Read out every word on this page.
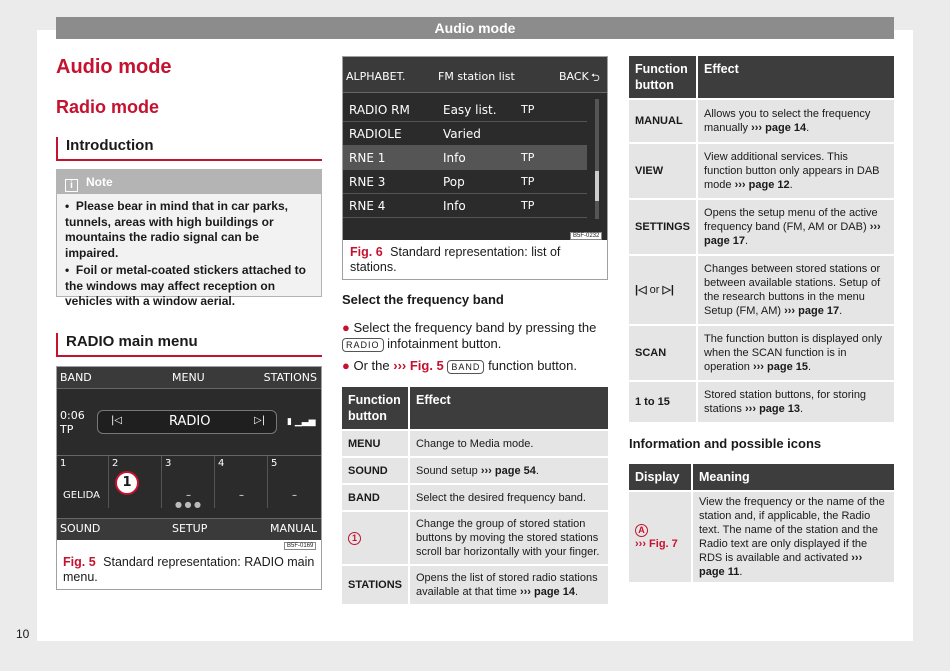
Audio mode
Audio mode
Radio mode
Introduction
i Note
•  Please bear in mind that in car parks, tunnels, areas with high buildings or mountains the radio signal can be impaired.
•  Foil or metal-coated stickers attached to the windows may affect reception on vehicles with a window aerial.
RADIO main menu
BAND	MENU	STATIONS
0:06
TP
|◁	RADIO	▷| ▮ ▁▃▅
1
GELIDA
2	3
–
4
–
5
–
1
● ● ●
SOUND	SETUP	MANUAL
B5F-0169
Fig. 5 Standard representation: RADIO main menu.
ALPHABET.	FM station list	BACK ⮌
RADIO RM	Easy list. TP
RADIOLE	Varied
RNE 1	Info	TP
RNE 3	Pop	TP
RNE 4	Info	TP
B5F-0232
Fig. 6 Standard representation: list of stations.
Select the frequency band
● Select the frequency band by pressing the RADIO infotainment button.
● Or the ››› Fig. 5 BAND function button.
Function button	Effect
MENU	Change to Media mode.
SOUND	Sound setup ››› page 54.
BAND	Select the desired frequency band.
1	Change the group of stored station buttons by moving the stored stations scroll bar horizontally with your finger.
STATIONS	Opens the list of stored radio stations available at that time ››› page 14.
Function button	Effect
MANUAL	Allows you to select the frequency manually ››› page 14.
VIEW	View additional services. This function button only appears in DAB mode ››› page 12.
SETTINGS	Opens the setup menu of the active frequency band (FM, AM or DAB) ››› page 17.
|◁ or ▷|	Changes between stored stations or between available stations. Setup of the research buttons in the menu Setup (FM, AM) ››› page 17.
SCAN	The function button is displayed only when the SCAN function is in operation ››› page 15.
1 to 15	Stored station buttons, for storing stations ››› page 13.
Information and possible icons
Display	Meaning
A
››› Fig. 7	View the frequency or the name of the station and, if applicable, the Radio text. The name of the station and the Radio text are only displayed if the RDS is available and activated ››› page 11.
10
